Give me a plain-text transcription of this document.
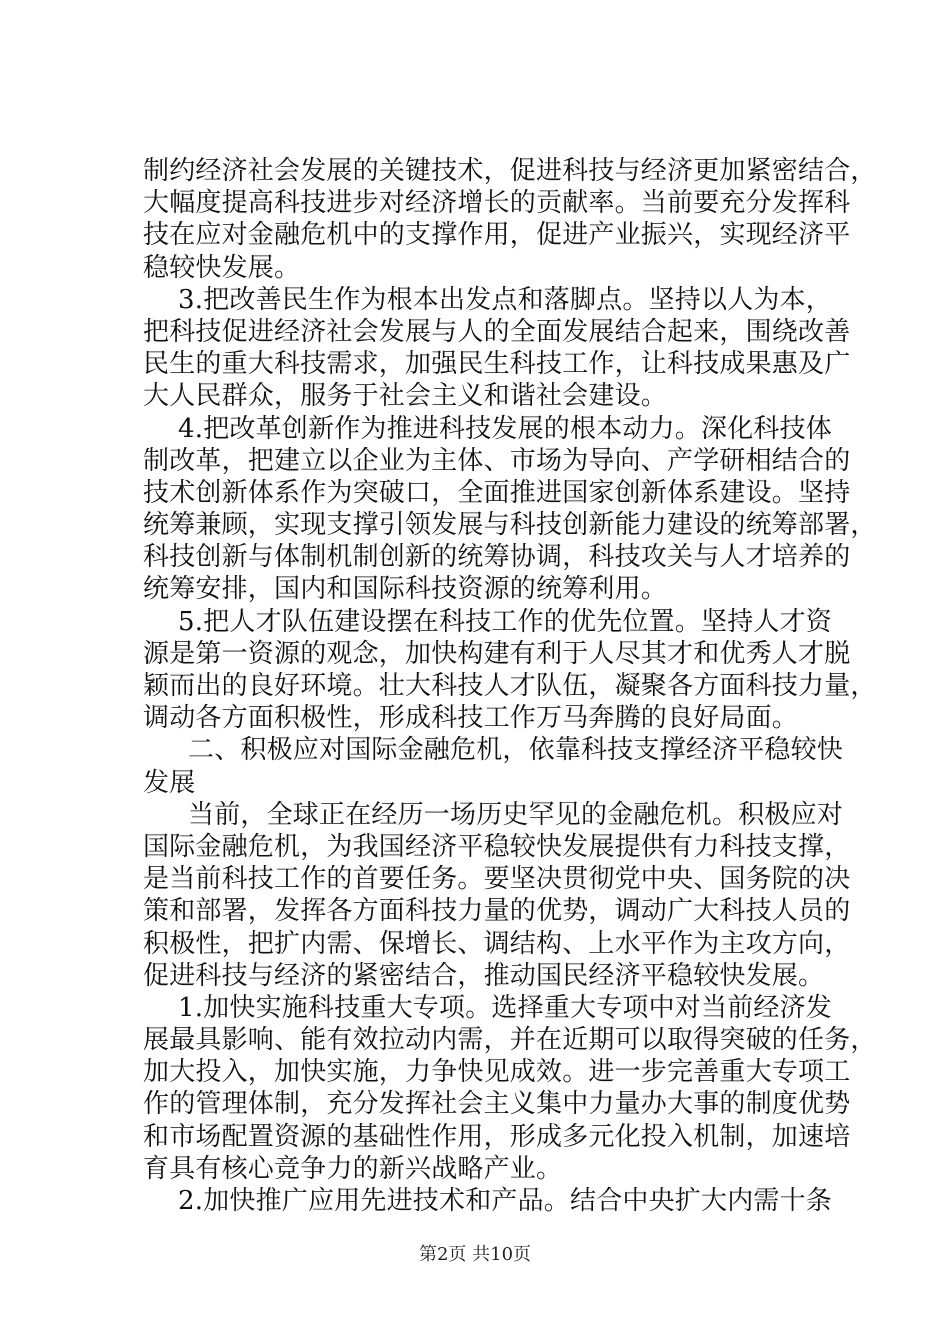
制约经济社会发展的关键技术，促进科技与经济更加紧密结合，
大幅度提高科技进步对经济增长的贡献率。当前要充分发挥科
技在应对金融危机中的支撑作用，促进产业振兴，实现经济平
稳较快发展。
3.把改善民生作为根本出发点和落脚点。坚持以人为本，
把科技促进经济社会发展与人的全面发展结合起来，围绕改善
民生的重大科技需求，加强民生科技工作，让科技成果惠及广
大人民群众，服务于社会主义和谐社会建设。
4.把改革创新作为推进科技发展的根本动力。深化科技体
制改革，把建立以企业为主体、市场为导向、产学研相结合的
技术创新体系作为突破口，全面推进国家创新体系建设。坚持
统筹兼顾，实现支撑引领发展与科技创新能力建设的统筹部署，
科技创新与体制机制创新的统筹协调，科技攻关与人才培养的
统筹安排，国内和国际科技资源的统筹利用。
5.把人才队伍建设摆在科技工作的优先位置。坚持人才资
源是第一资源的观念，加快构建有利于人尽其才和优秀人才脱
颖而出的良好环境。壮大科技人才队伍，凝聚各方面科技力量，
调动各方面积极性，形成科技工作万马奔腾的良好局面。
二、积极应对国际金融危机，依靠科技支撑经济平稳较快
发展
当前，全球正在经历一场历史罕见的金融危机。积极应对
国际金融危机，为我国经济平稳较快发展提供有力科技支撑，
是当前科技工作的首要任务。要坚决贯彻党中央、国务院的决
策和部署，发挥各方面科技力量的优势，调动广大科技人员的
积极性，把扩内需、保增长、调结构、上水平作为主攻方向，
促进科技与经济的紧密结合，推动国民经济平稳较快发展。
1.加快实施科技重大专项。选择重大专项中对当前经济发
展最具影响、能有效拉动内需，并在近期可以取得突破的任务，
加大投入，加快实施，力争快见成效。进一步完善重大专项工
作的管理体制，充分发挥社会主义集中力量办大事的制度优势
和市场配置资源的基础性作用，形成多元化投入机制，加速培
育具有核心竞争力的新兴战略产业。
2.加快推广应用先进技术和产品。结合中央扩大内需十条
第2页 共10页
